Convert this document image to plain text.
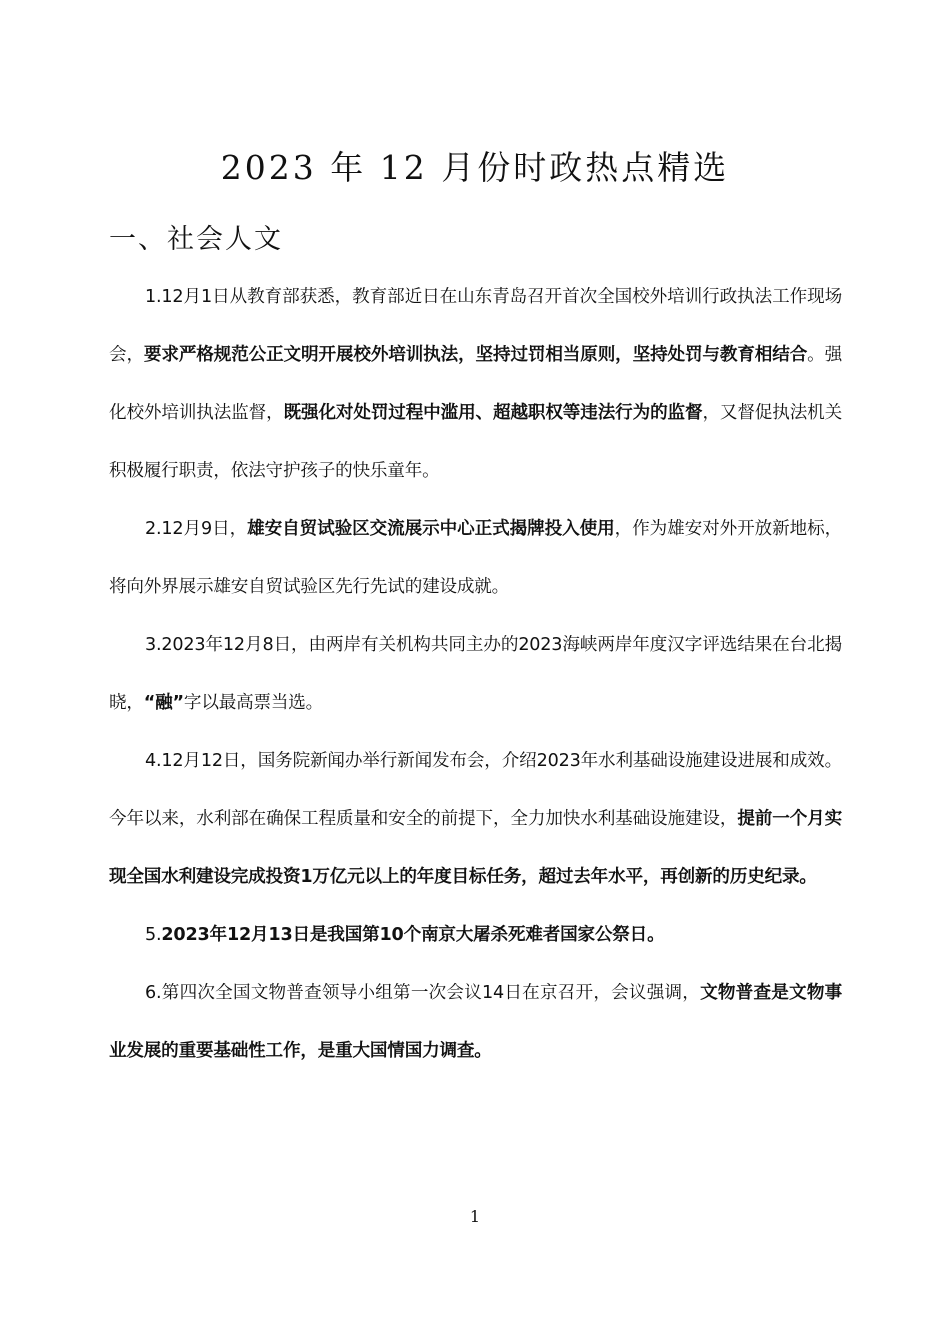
2023 年 12 月份时政热点精选
一、社会人文

1.12月1日从教育部获悉，教育部近日在山东青岛召开首次全国校外培训行政执法工作现场会，要求严格规范公正文明开展校外培训执法，坚持过罚相当原则，坚持处罚与教育相结合。强化校外培训执法监督，既强化对处罚过程中滥用、超越职权等违法行为的监督，又督促执法机关积极履行职责，依法守护孩子的快乐童年。

2.12月9日，雄安自贸试验区交流展示中心正式揭牌投入使用，作为雄安对外开放新地标，将向外界展示雄安自贸试验区先行先试的建设成就。

3.2023年12月8日，由两岸有关机构共同主办的2023海峡两岸年度汉字评选结果在台北揭晓，“融”字以最高票当选。

4.12月12日，国务院新闻办举行新闻发布会，介绍2023年水利基础设施建设进展和成效。今年以来，水利部在确保工程质量和安全的前提下，全力加快水利基础设施建设，提前一个月实现全国水利建设完成投资1万亿元以上的年度目标任务，超过去年水平，再创新的历史纪录。

5.2023年12月13日是我国第10个南京大屠杀死难者国家公祭日。

6.第四次全国文物普查领导小组第一次会议14日在京召开，会议强调，文物普查是文物事业发展的重要基础性工作，是重大国情国力调查。

1
